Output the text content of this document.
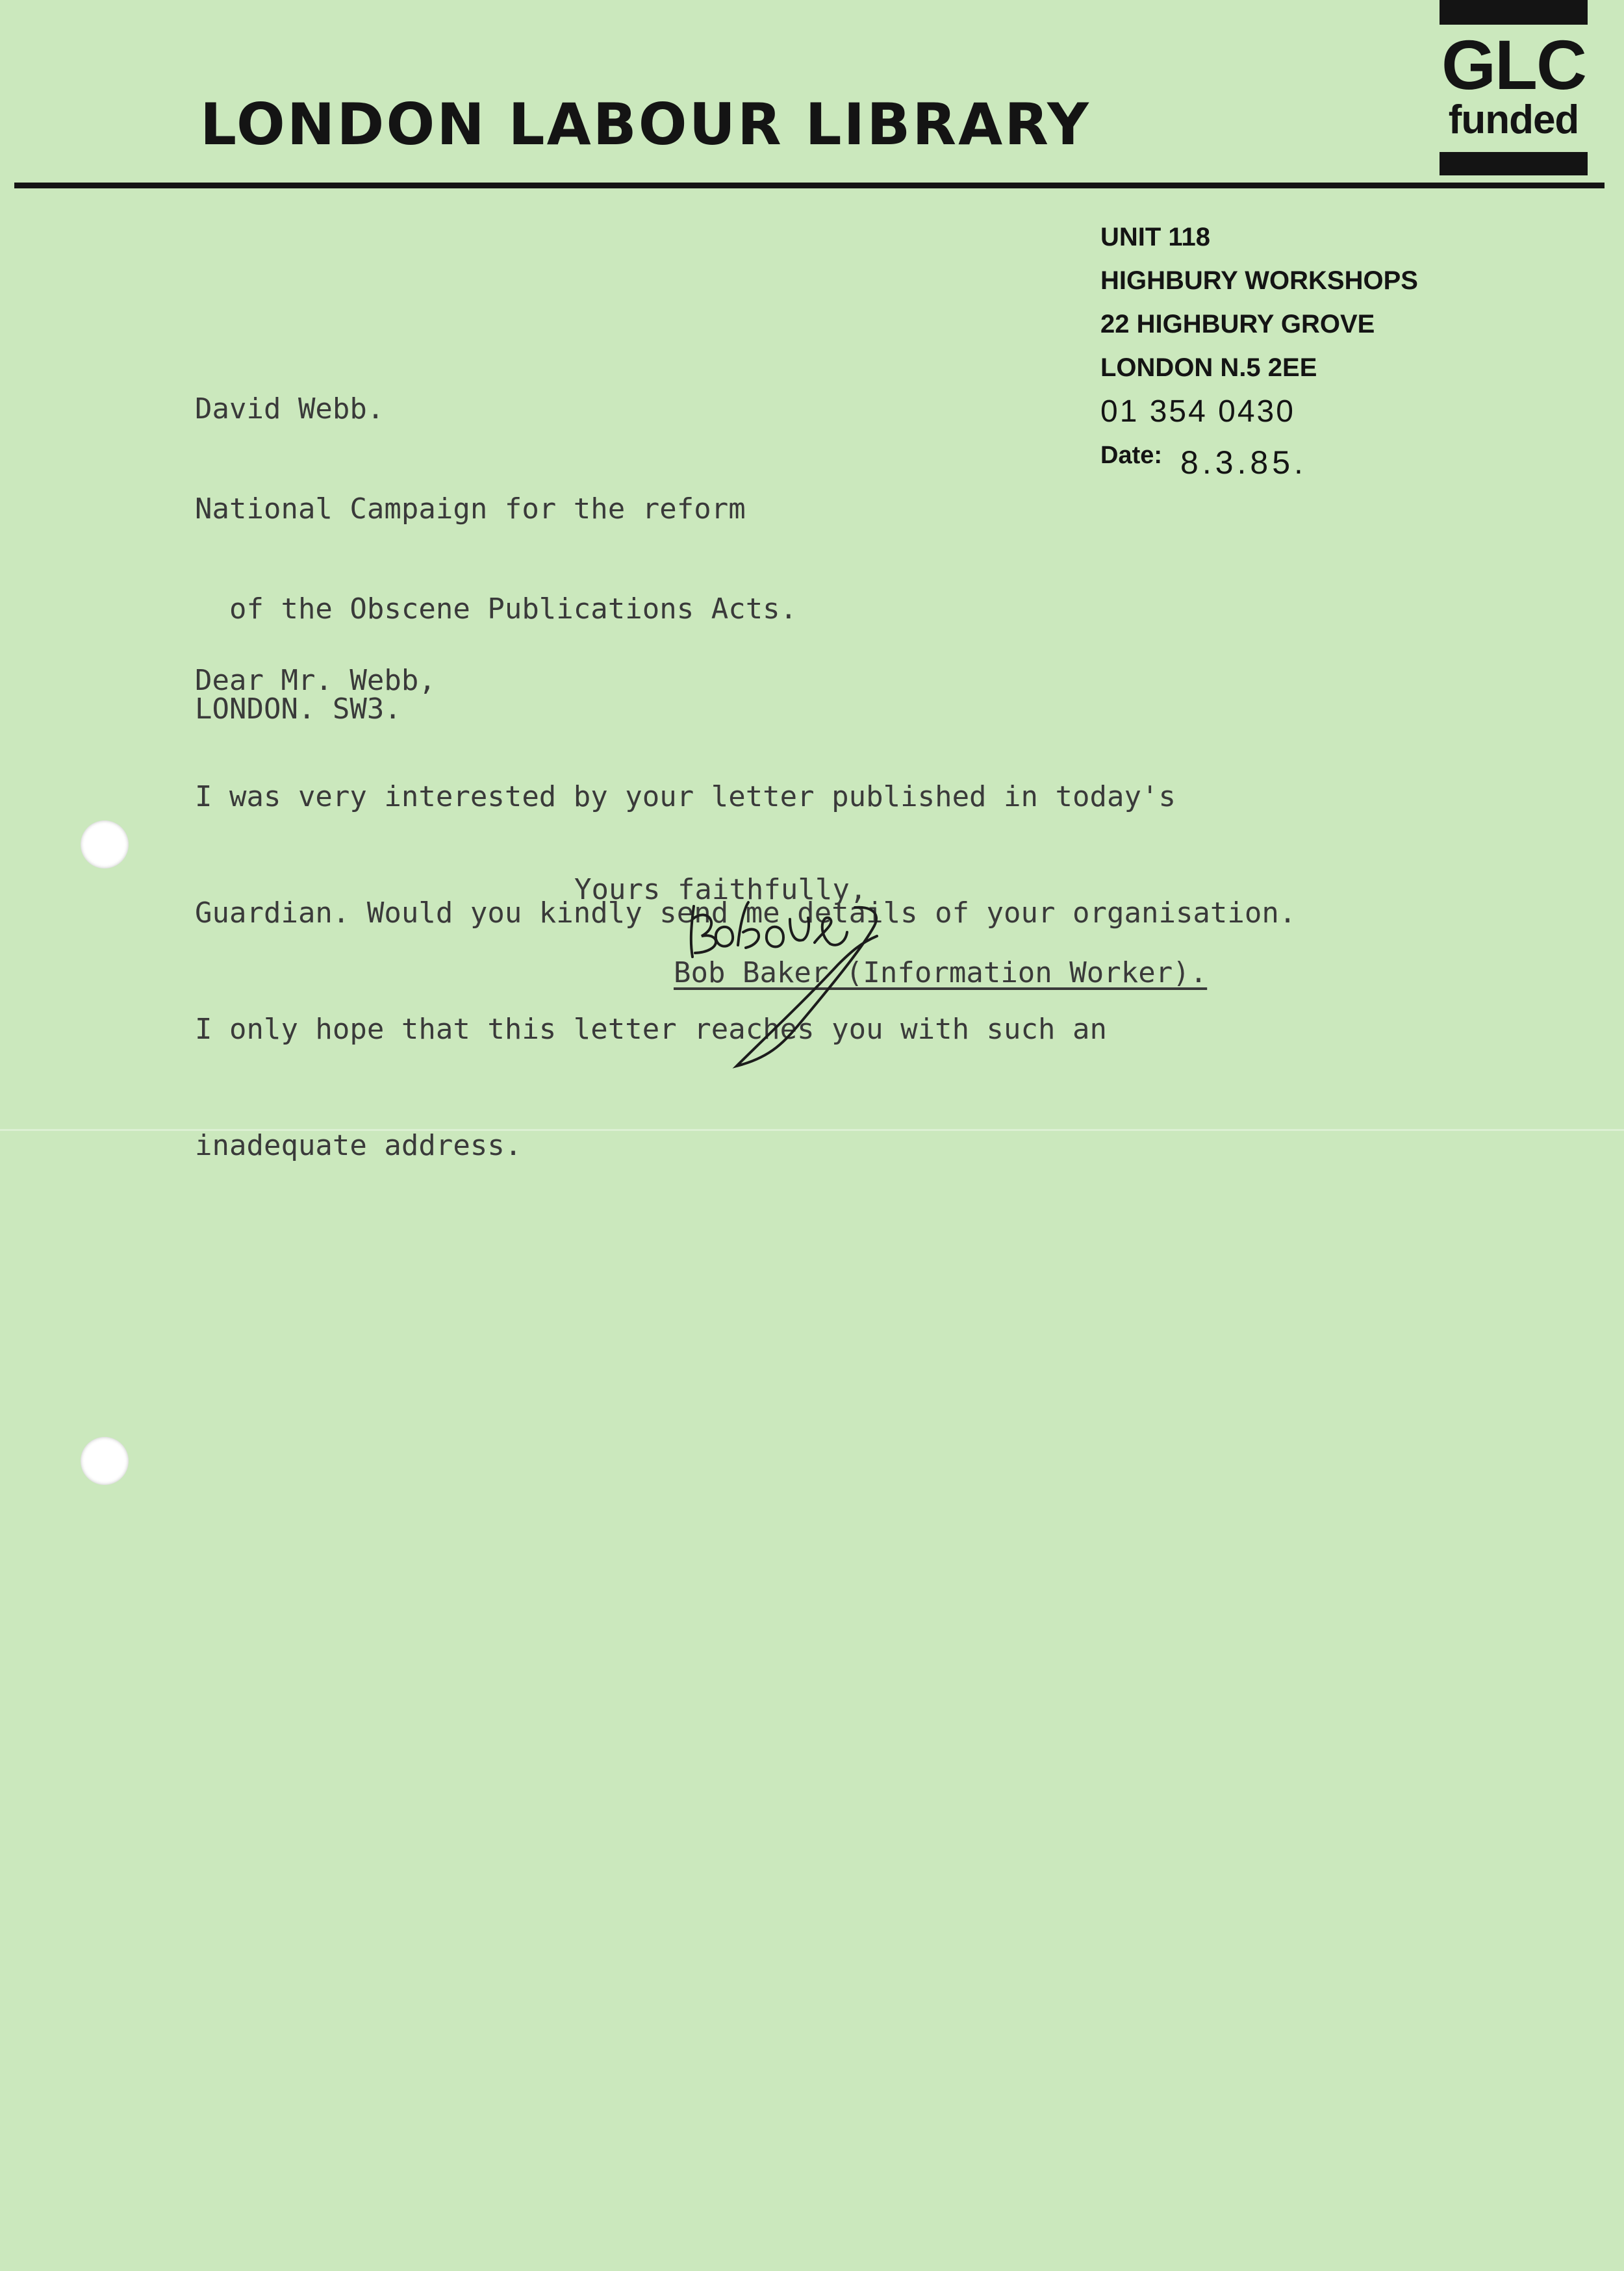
GLC
funded
LONDON LABOUR LIBRARY
UNIT 118
HIGHBURY WORKSHOPS
22 HIGHBURY GROVE
LONDON N.5 2EE
01 354 0430
Date: 8.3.85.

David Webb.

National Campaign for the reform

of the Obscene Publications Acts.

LONDON. SW3.

Dear Mr. Webb,

I was very interested by your letter published in today's

Guardian. Would you kindly send me details of your organisation.

I only hope that this letter reaches you with such an

inadequate address.

Yours faithfully,
Bob Baker (Information Worker).
